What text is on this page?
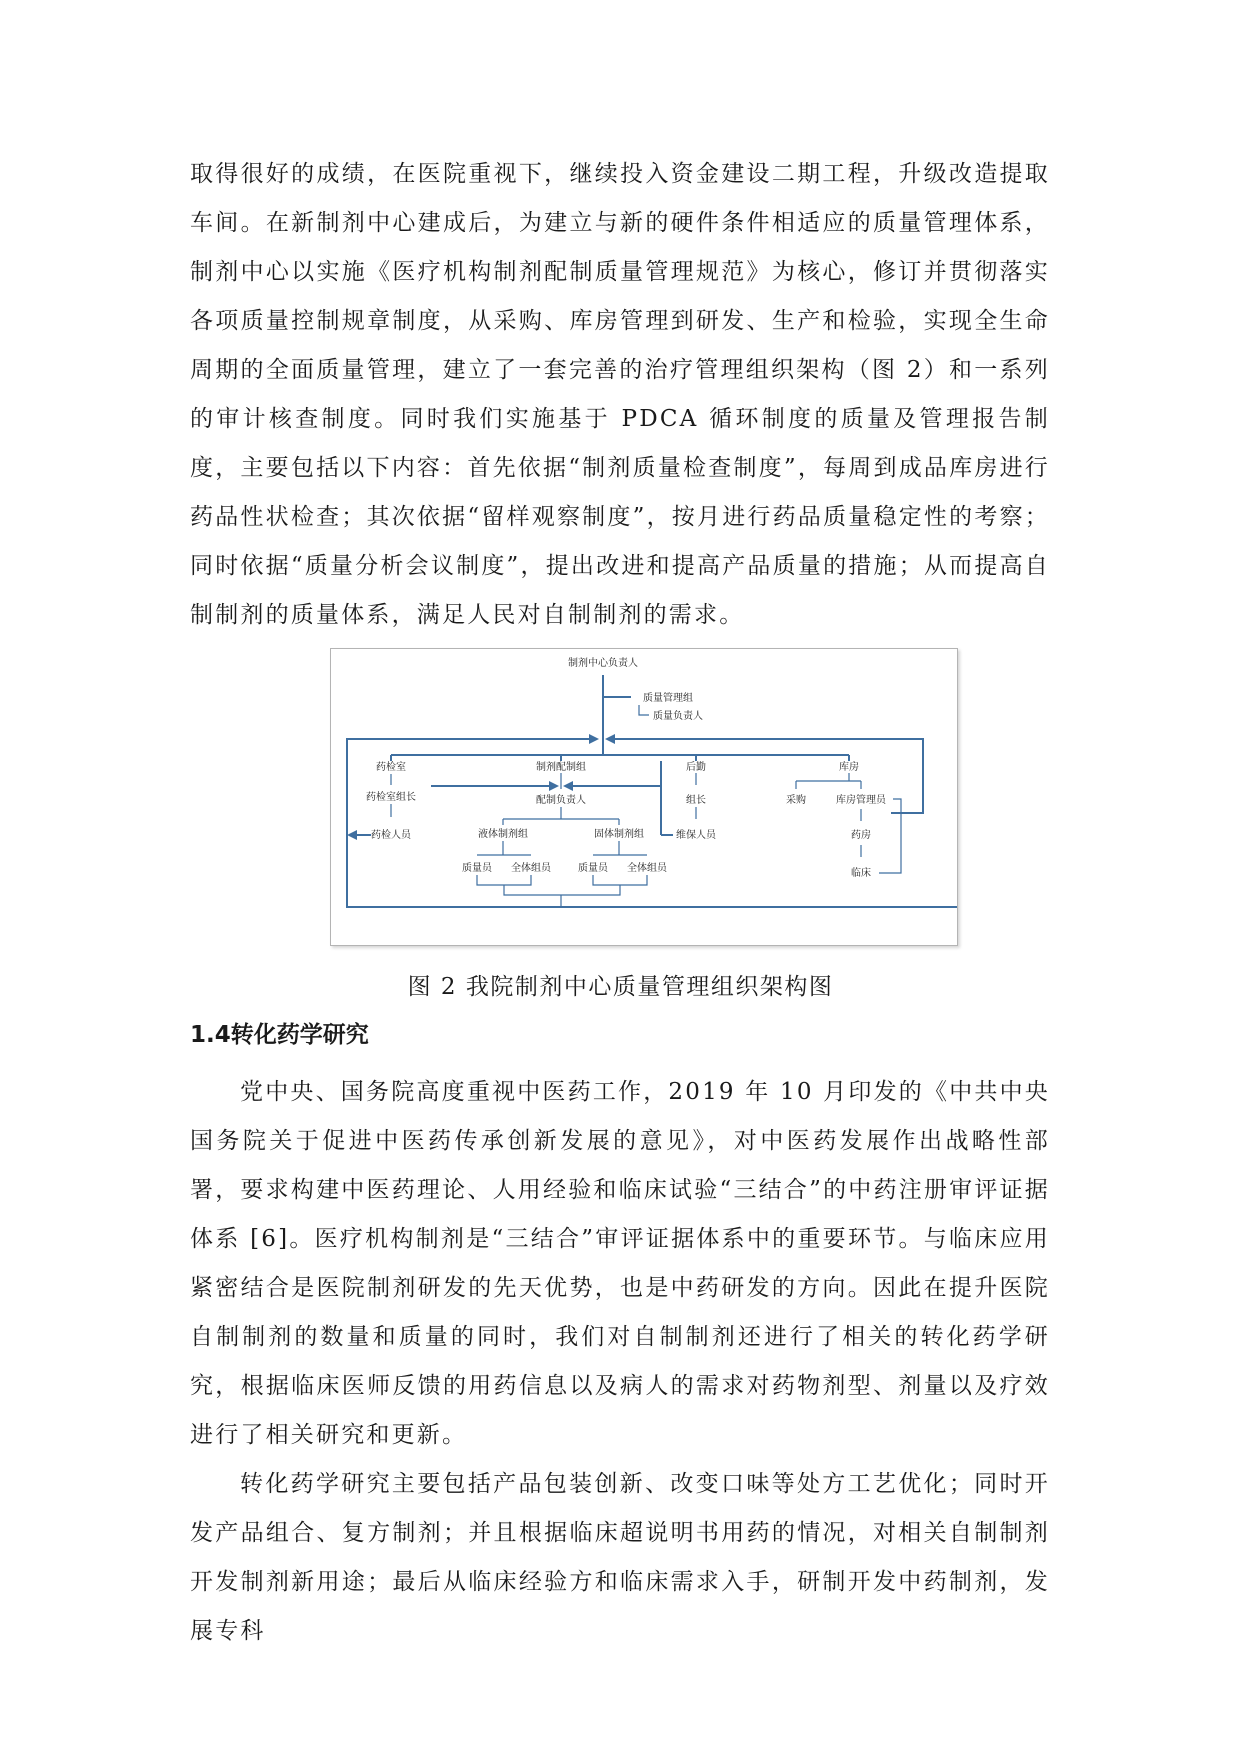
取得很好的成绩，在医院重视下，继续投入资金建设二期工程，升级改造提取车间。在新制剂中心建成后，为建立与新的硬件条件相适应的质量管理体系，制剂中心以实施《医疗机构制剂配制质量管理规范》为核心，修订并贯彻落实各项质量控制规章制度，从采购、库房管理到研发、生产和检验，实现全生命周期的全面质量管理，建立了一套完善的治疗管理组织架构（图 2）和一系列的审计核查制度。同时我们实施基于 PDCA 循环制度的质量及管理报告制度，主要包括以下内容：首先依据“制剂质量检查制度”，每周到成品库房进行药品性状检查；其次依据“留样观察制度”，按月进行药品质量稳定性的考察；同时依据“质量分析会议制度”，提出改进和提高产品质量的措施；从而提高自制制剂的质量体系，满足人民对自制制剂的需求。

制剂中心负责人
质量管理组
质量负责人
药检室
药检室组长
药检人员
制剂配制组
配制负责人
液体制剂组	固体制剂组
质量员 全体组员	质量员 全体组员
后勤
组长
维保人员
库房
采购	库房管理员
药房
临床

图 2 我院制剂中心质量管理组织架构图

1.4转化药学研究

党中央、国务院高度重视中医药工作，2019 年 10 月印发的《中共中央国务院关于促进中医药传承创新发展的意见》，对中医药发展作出战略性部署，要求构建中医药理论、人用经验和临床试验“三结合”的中药注册审评证据体系 [6]。医疗机构制剂是“三结合”审评证据体系中的重要环节。与临床应用紧密结合是医院制剂研发的先天优势，也是中药研发的方向。因此在提升医院自制制剂的数量和质量的同时，我们对自制制剂还进行了相关的转化药学研究，根据临床医师反馈的用药信息以及病人的需求对药物剂型、剂量以及疗效进行了相关研究和更新。

转化药学研究主要包括产品包装创新、改变口味等处方工艺优化；同时开发产品组合、复方制剂；并且根据临床超说明书用药的情况，对相关自制制剂开发制剂新用途；最后从临床经验方和临床需求入手，研制开发中药制剂，发展专科
